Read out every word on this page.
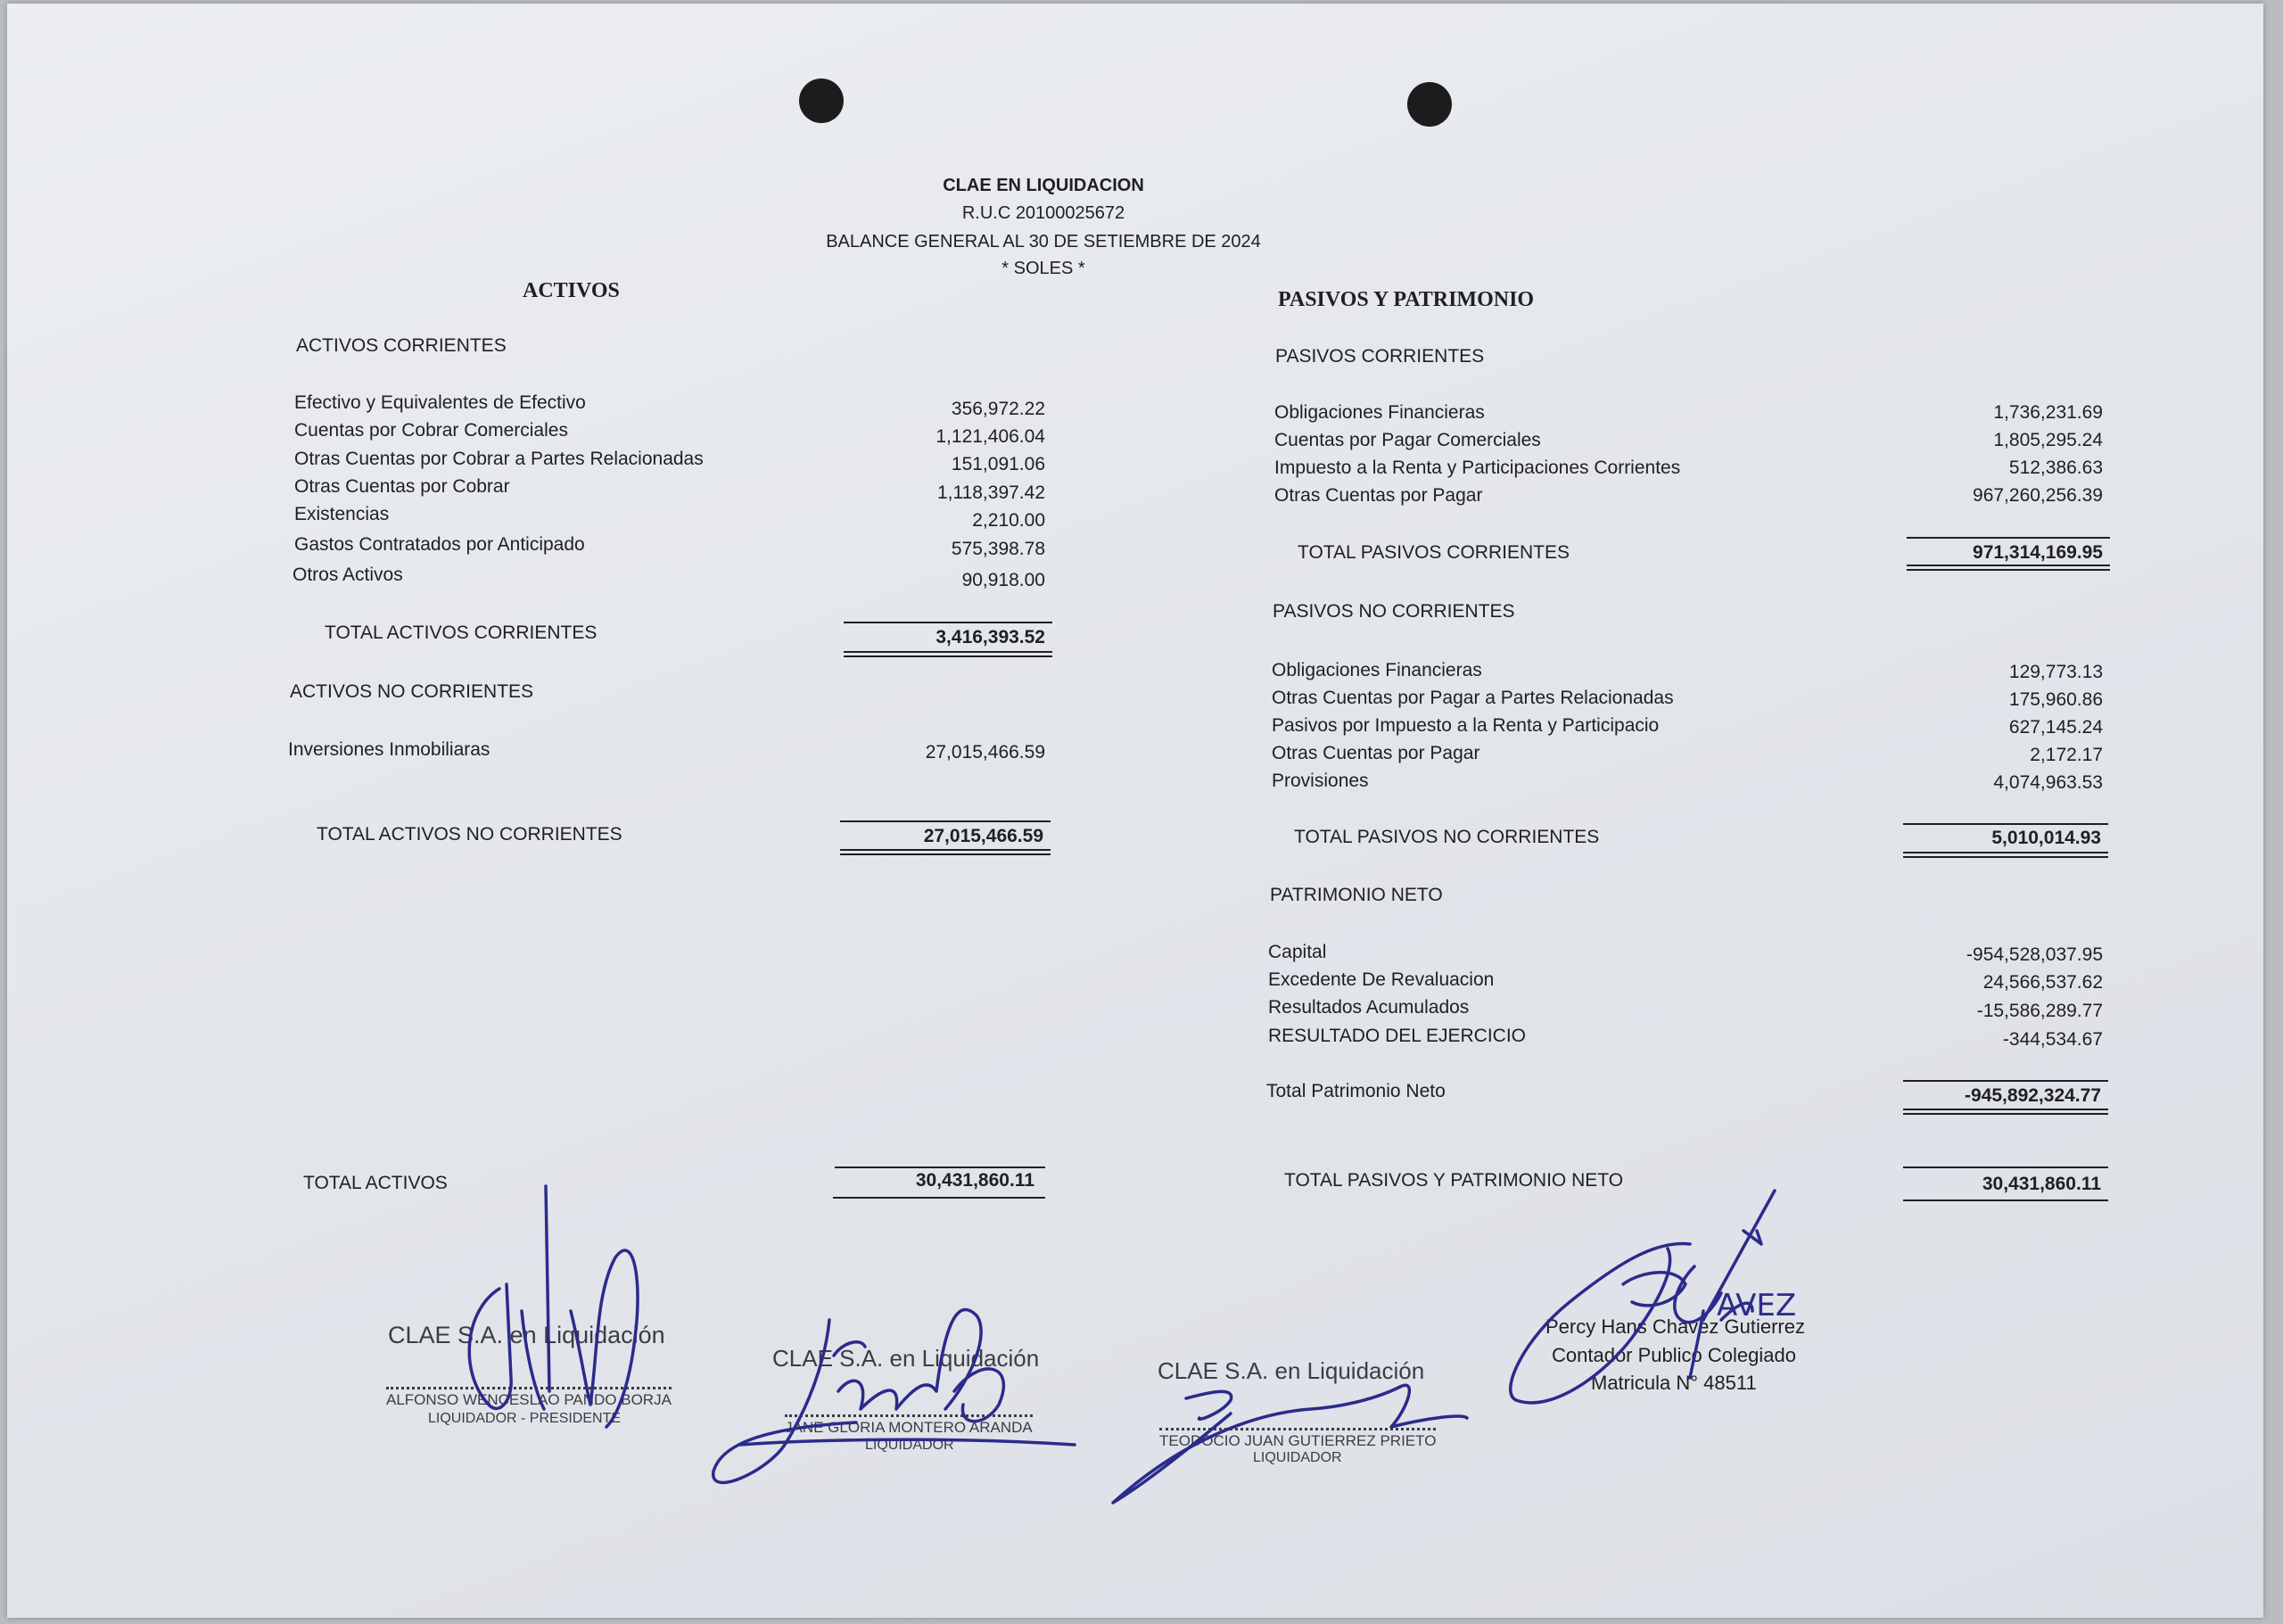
CLAE EN LIQUIDACION
R.U.C 20100025672
BALANCE GENERAL AL 30 DE SETIEMBRE DE 2024
* SOLES *
ACTIVOS
ACTIVOS CORRIENTES
Efectivo y Equivalentes de Efectivo	356,972.22
Cuentas por Cobrar Comerciales	1,121,406.04
Otras Cuentas por Cobrar a Partes Relacionadas	151,091.06
Otras Cuentas por Cobrar	1,118,397.42
Existencias	2,210.00
Gastos Contratados por Anticipado	575,398.78
Otros Activos	90,918.00
TOTAL ACTIVOS CORRIENTES	3,416,393.52
ACTIVOS NO CORRIENTES
Inversiones Inmobiliaras	27,015,466.59
TOTAL ACTIVOS NO CORRIENTES	27,015,466.59
TOTAL ACTIVOS	30,431,860.11
PASIVOS Y PATRIMONIO
PASIVOS CORRIENTES
Obligaciones Financieras	1,736,231.69
Cuentas por Pagar Comerciales	1,805,295.24
Impuesto a la Renta y Participaciones Corrientes	512,386.63
Otras Cuentas por Pagar	967,260,256.39
TOTAL PASIVOS CORRIENTES	971,314,169.95
PASIVOS NO CORRIENTES
Obligaciones Financieras	129,773.13
Otras Cuentas por Pagar a Partes Relacionadas	175,960.86
Pasivos por Impuesto a la Renta y Participacio	627,145.24
Otras Cuentas por Pagar	2,172.17
Provisiones	4,074,963.53
TOTAL PASIVOS NO CORRIENTES	5,010,014.93
PATRIMONIO NETO
Capital	-954,528,037.95
Excedente De Revaluacion	24,566,537.62
Resultados Acumulados	-15,586,289.77
RESULTADO DEL EJERCICIO	-344,534.67
Total Patrimonio Neto	-945,892,324.77
TOTAL PASIVOS Y PATRIMONIO NETO	30,431,860.11
CLAE S.A. en Liquidación
ALFONSO WENCESLAO PANDO BORJA
LIQUIDADOR - PRESIDENTE
CLAE S.A. en Liquidación
JANE GLORIA MONTERO ARANDA
LIQUIDADOR
CLAE S.A. en Liquidación
TEODOCIO JUAN GUTIERREZ PRIETO
LIQUIDADOR
Percy Hans Chavez Gutierrez
Contador Publico Colegiado
Matricula N° 48511
AVEZ
